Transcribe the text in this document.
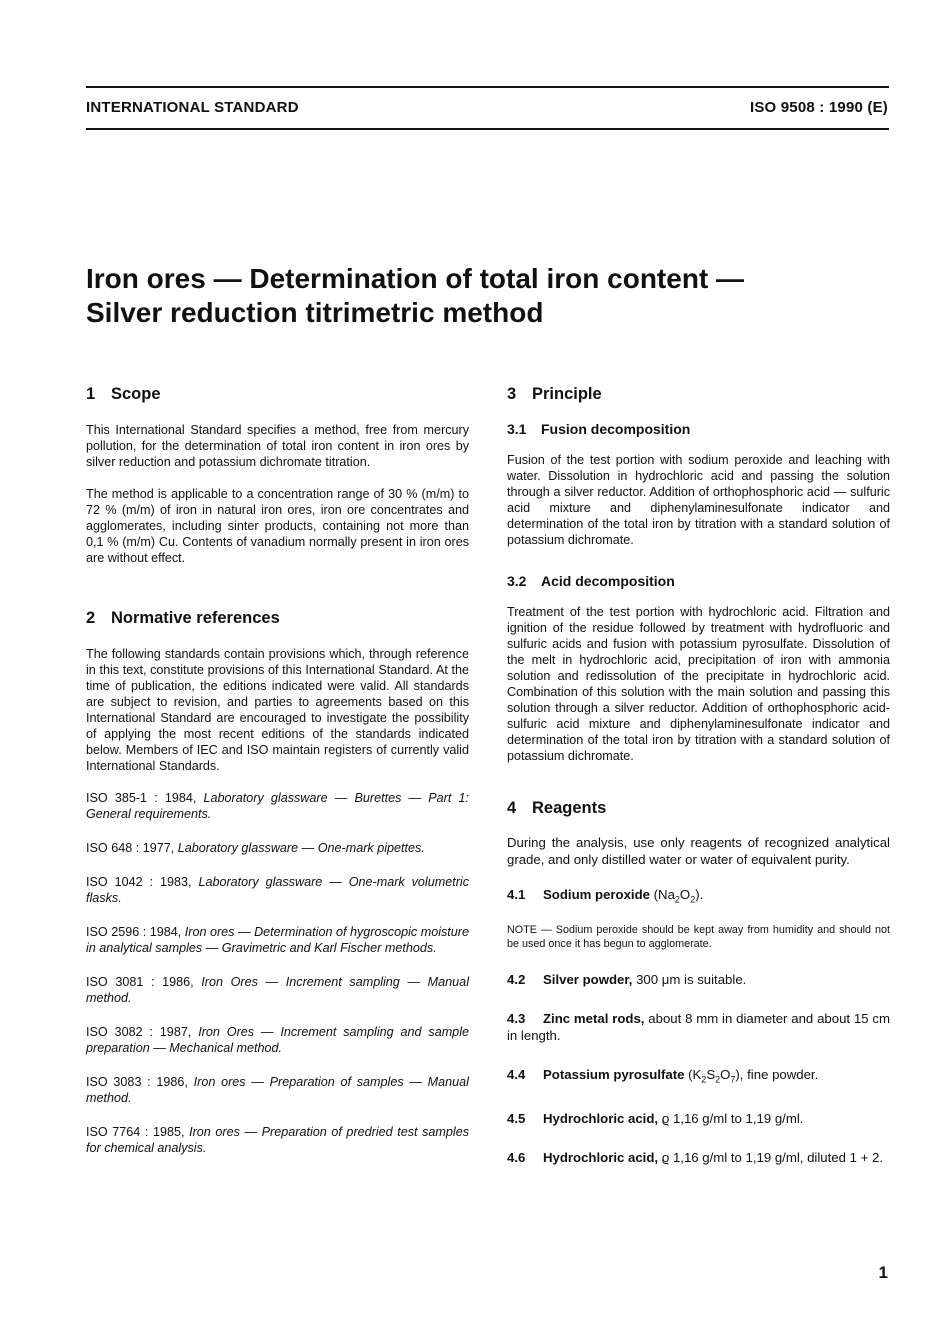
INTERNATIONAL STANDARD	ISO 9508 : 1990 (E)
Iron ores — Determination of total iron content —
Silver reduction titrimetric method
1 Scope

This International Standard specifies a method, free from mercury pollution, for the determination of total iron content in iron ores by silver reduction and potassium dichromate titration.

The method is applicable to a concentration range of 30 % (m/m) to 72 % (m/m) of iron in natural iron ores, iron ore concentrates and agglomerates, including sinter products, containing not more than 0,1 % (m/m) Cu. Contents of vanadium normally present in iron ores are without effect.

2 Normative references

The following standards contain provisions which, through reference in this text, constitute provisions of this International Standard. At the time of publication, the editions indicated were valid. All standards are subject to revision, and parties to agreements based on this International Standard are encouraged to investigate the possibility of applying the most recent editions of the standards indicated below. Members of IEC and ISO maintain registers of currently valid International Standards.

ISO 385-1 : 1984, Laboratory glassware — Burettes — Part 1: General requirements.

ISO 648 : 1977, Laboratory glassware — One-mark pipettes.

ISO 1042 : 1983, Laboratory glassware — One-mark volumetric flasks.

ISO 2596 : 1984, Iron ores — Determination of hygroscopic moisture in analytical samples — Gravimetric and Karl Fischer methods.

ISO 3081 : 1986, Iron Ores — Increment sampling — Manual method.

ISO 3082 : 1987, Iron Ores — Increment sampling and sample preparation — Mechanical method.

ISO 3083 : 1986, Iron ores — Preparation of samples — Manual method.

ISO 7764 : 1985, Iron ores — Preparation of predried test samples for chemical analysis.

3 Principle
3.1 Fusion decomposition

Fusion of the test portion with sodium peroxide and leaching with water. Dissolution in hydrochloric acid and passing the solution through a silver reductor. Addition of orthophosphoric acid — sulfuric acid mixture and diphenylaminesulfonate indicator and determination of the total iron by titration with a standard solution of potassium dichromate.

3.2 Acid decomposition

Treatment of the test portion with hydrochloric acid. Filtration and ignition of the residue followed by treatment with hydrofluoric and sulfuric acids and fusion with potassium pyrosulfate. Dissolution of the melt in hydrochloric acid, precipitation of iron with ammonia solution and redissolution of the precipitate in hydrochloric acid. Combination of this solution with the main solution and passing this solution through a silver reductor. Addition of orthophosphoric acid-sulfuric acid mixture and diphenylaminesulfonate indicator and determination of the total iron by titration with a standard solution of potassium dichromate.

4 Reagents

During the analysis, use only reagents of recognized analytical grade, and only distilled water or water of equivalent purity.

4.1 Sodium peroxide $(Na_2O_2)$.

NOTE — Sodium peroxide should be kept away from humidity and should not be used once it has begun to agglomerate.

4.2 Silver powder, 300 μm is suitable.

4.3 Zinc metal rods, about 8 mm in diameter and about 15 cm in length.

4.4 Potassium pyrosulfate $(K_2S_2O_7)$, fine powder.

4.5 Hydrochloric acid, ϱ 1,16 g/ml to 1,19 g/ml.

4.6 Hydrochloric acid, ϱ 1,16 g/ml to 1,19 g/ml, diluted 1 + 2.

1
